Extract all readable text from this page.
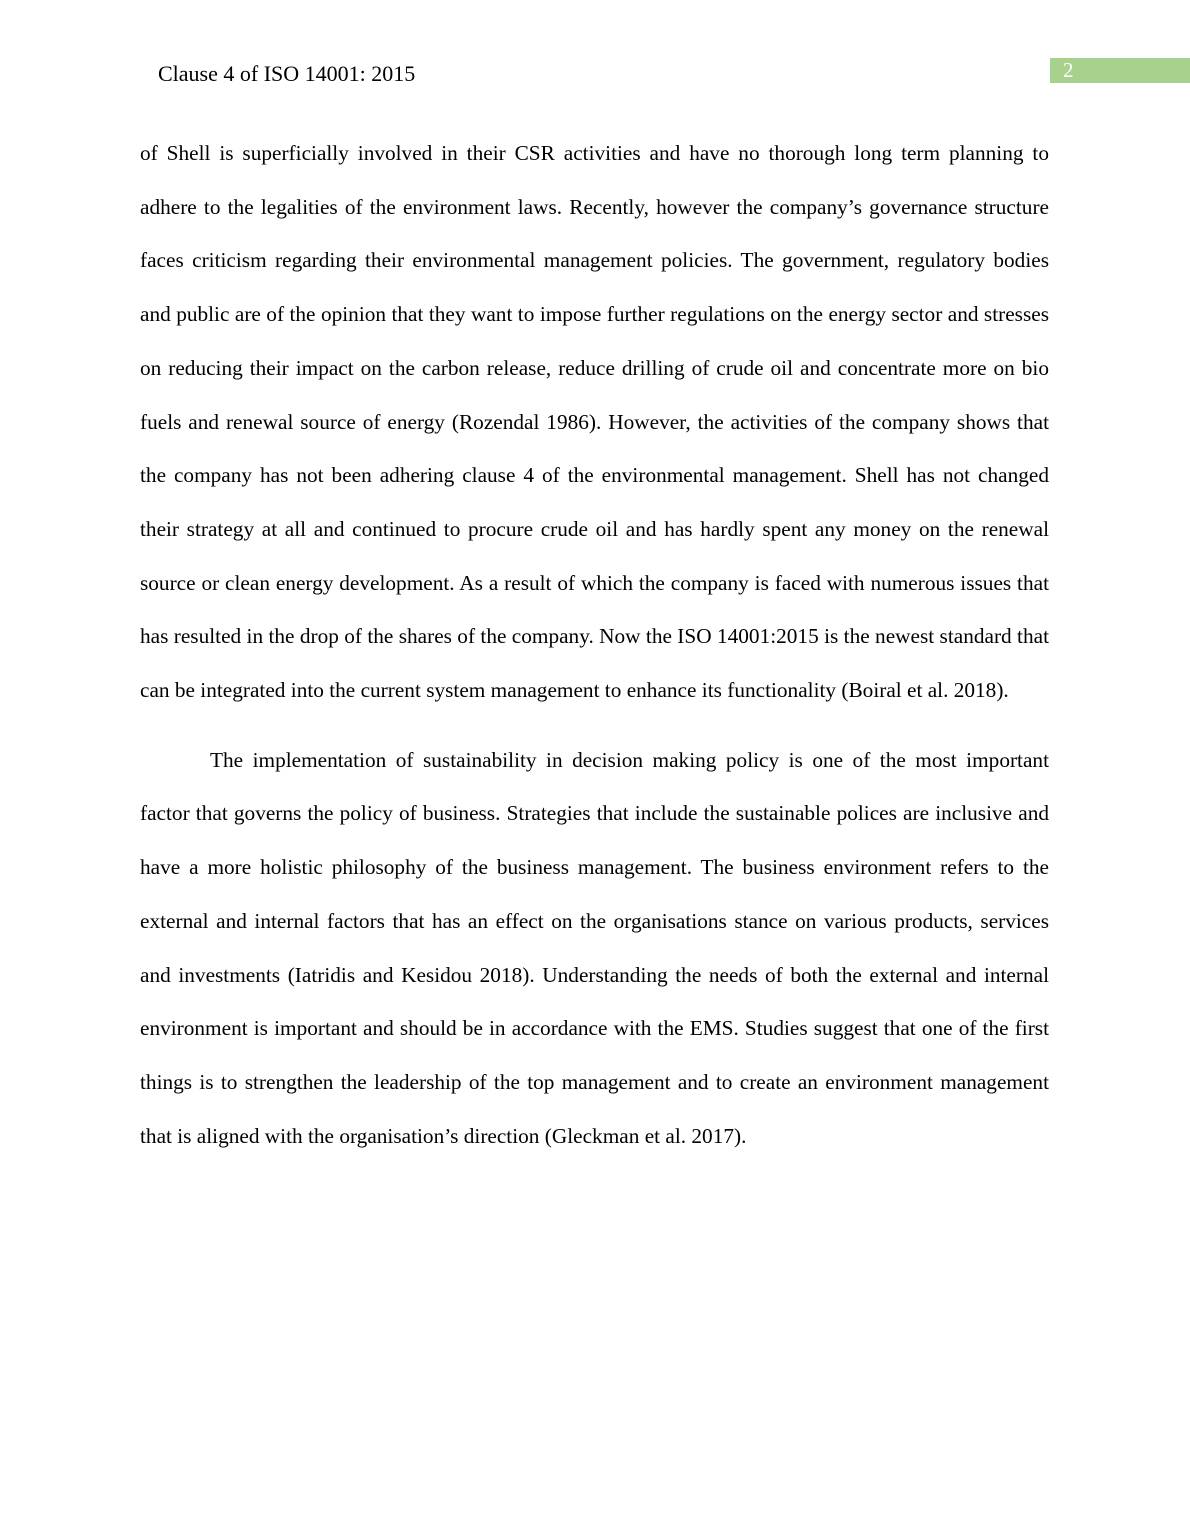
Clause 4 of ISO 14001: 2015	2

of Shell is superficially involved in their CSR activities and have no thorough long term planning to adhere to the legalities of the environment laws. Recently, however the company’s governance structure faces criticism regarding their environmental management policies. The government, regulatory bodies and public are of the opinion that they want to impose further regulations on the energy sector and stresses on reducing their impact on the carbon release, reduce drilling of crude oil and concentrate more on bio fuels and renewal source of energy (Rozendal 1986). However, the activities of the company shows that the company has not been adhering clause 4 of the environmental management. Shell has not changed their strategy at all and continued to procure crude oil and has hardly spent any money on the renewal source or clean energy development. As a result of which the company is faced with numerous issues that has resulted in the drop of the shares of the company. Now the ISO 14001:2015 is the newest standard that can be integrated into the current system management to enhance its functionality (Boiral et al. 2018).

The implementation of sustainability in decision making policy is one of the most important factor that governs the policy of business. Strategies that include the sustainable polices are inclusive and have a more holistic philosophy of the business management. The business environment refers to the external and internal factors that has an effect on the organisations stance on various products, services and investments (Iatridis and Kesidou 2018). Understanding the needs of both the external and internal environment is important and should be in accordance with the EMS. Studies suggest that one of the first things is to strengthen the leadership of the top management and to create an environment management that is aligned with the organisation’s direction (Gleckman et al. 2017).
